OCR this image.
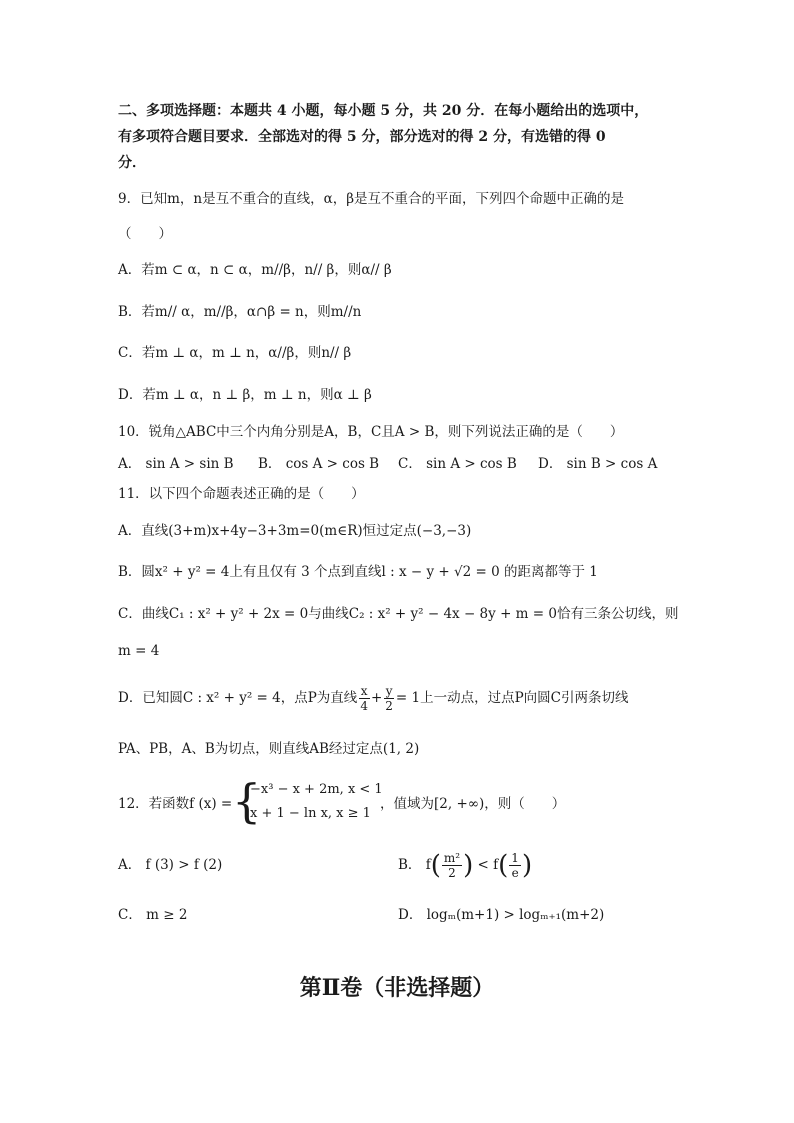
二、多项选择题：本题共 4 小题，每小题 5 分，共 20 分．在每小题给出的选项中，
有多项符合题目要求．全部选对的得 5 分，部分选对的得 2 分，有选错的得 0
分．
9．已知m，n是互不重合的直线，α，β是互不重合的平面，下列四个命题中正确的是
（　　）
A．若m ⊂ α，n ⊂ α，m//β，n// β，则α// β
B．若m// α，m//β，α∩β = n，则m//n
C．若m ⊥ α，m ⊥ n，α//β，则n// β
D．若m ⊥ α，n ⊥ β，m ⊥ n，则α ⊥ β
10．锐角△ABC中三个内角分别是A，B，C且A > B，则下列说法正确的是（　　）
A． sin A > sin B B． cos A > cos B C． sin A > cos B D． sin B > cos A
11．以下四个命题表述正确的是（　　）
A．直线(3+m)x+4y−3+3m=0(m∈R)恒过定点(−3,−3)
B．圆x² + y² = 4上有且仅有 3 个点到直线l : x − y + √2 = 0 的距离都等于 1
C．曲线C₁ : x² + y² + 2x = 0与曲线C₂ : x² + y² − 4x − 8y + m = 0恰有三条公切线，则
m = 4
D．已知圆C : x² + y² = 4，点P为直线 $\frac{x}{4} + \frac{y}{2} = 1$上一动点，过点P向圆C引两条切线
PA、PB，A、B为切点，则直线AB经过定点(1, 2)
12．若函数f (x) = {
−x³ − x + 2m, x < 1
x + 1 − ln x, x ≥ 1
，值域为[2, +∞)，则（　　）
A． f (3) > f (2)	B． $f( \frac{\text{m²}}{2}$ ) < $f( \frac{1}{e}$ )
C． m ≥ 2	D． logₘ(m+1) > logₘ₊₁(m+2)
第Ⅱ卷（非选择题）
